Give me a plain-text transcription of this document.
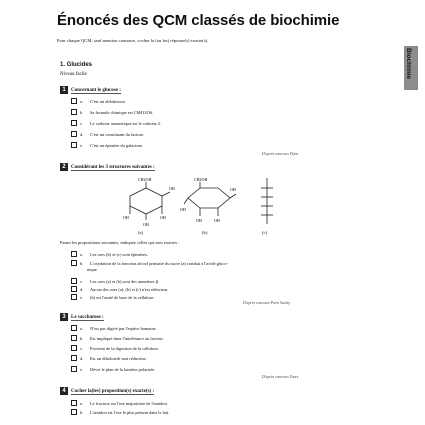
Énoncés des QCM classés de biochimie
Pour chaque QCM, sauf mention contraire, cocher la (ou les) réponse(s) exacte(s).
Biochimie
1. Glucides
Niveau facile
1 Concernant le glucose :
a. C'est un aldohexose.
b. Sa formule chimique est C6H12O6.
c. Le carbone anomérique est le carbone 2.
d. C'est un constituant du lactose.
e. C'est un épimère du galactose.
D'après concours Dijon
2 Considérant les 3 structures suivantes :
CH2OH
OH	OH
OH
OH
CH2OH
OH
OH	OH
OH
(a)	(b)	(c)
Parmi les propositions suivantes, indiquez celles qui sont exactes :
a. Les oses (b) et (c) sont épimères.
b. L'oxydation de la fonction alcool primaire du sucre (a) conduit à l'acide gluco-
nique.
c. Les oses (a) et (b) sont des anomères β.
d. Aucun des oses (a), (b) et (c) n'est réducteur.
e. (b) est l'unité de base de la cellulose.
D'après concours Paris Saclay
3 Le saccharose :
a. N'est pas digéré par l'espèce humaine.
b. Est impliqué dans l'intolérance au lactose.
c. Provient de la digestion de la cellulose.
d. Est un diholoside non réducteur.
e. Dévie le plan de la lumière polarisée.
D'après concours Tours
4 Cocher la(les) proposition(s) exacte(s) :
a. Le fructose est l'ose majoritaire de l'amidon.
b. L'amidon est l'ose le plus présent dans le lait.
